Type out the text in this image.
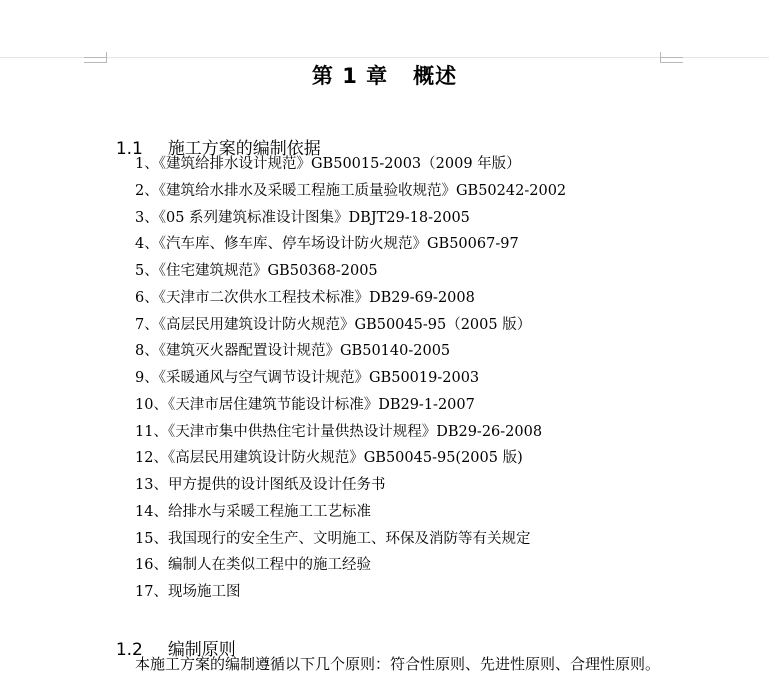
第 1 章   概述

1.1 施工方案的编制依据

1、《建筑给排水设计规范》GB50015-2003（2009 年版）
2、《建筑给水排水及采暖工程施工质量验收规范》GB50242-2002
3、《05 系列建筑标准设计图集》DBJT29-18-2005
4、《汽车库、修车库、停车场设计防火规范》GB50067-97
5、《住宅建筑规范》GB50368-2005
6、《天津市二次供水工程技术标准》DB29-69-2008
7、《高层民用建筑设计防火规范》GB50045-95（2005 版）
8、《建筑灭火器配置设计规范》GB50140-2005
9、《采暖通风与空气调节设计规范》GB50019-2003
10、《天津市居住建筑节能设计标准》DB29-1-2007
11、《天津市集中供热住宅计量供热设计规程》DB29-26-2008
12、《高层民用建筑设计防火规范》GB50045-95(2005 版)
13、甲方提供的设计图纸及设计任务书
14、给排水与采暖工程施工工艺标准
15、我国现行的安全生产、文明施工、环保及消防等有关规定
16、编制人在类似工程中的施工经验
17、现场施工图

1.2 编制原则

本施工方案的编制遵循以下几个原则：符合性原则、先进性原则、合理性原则。
